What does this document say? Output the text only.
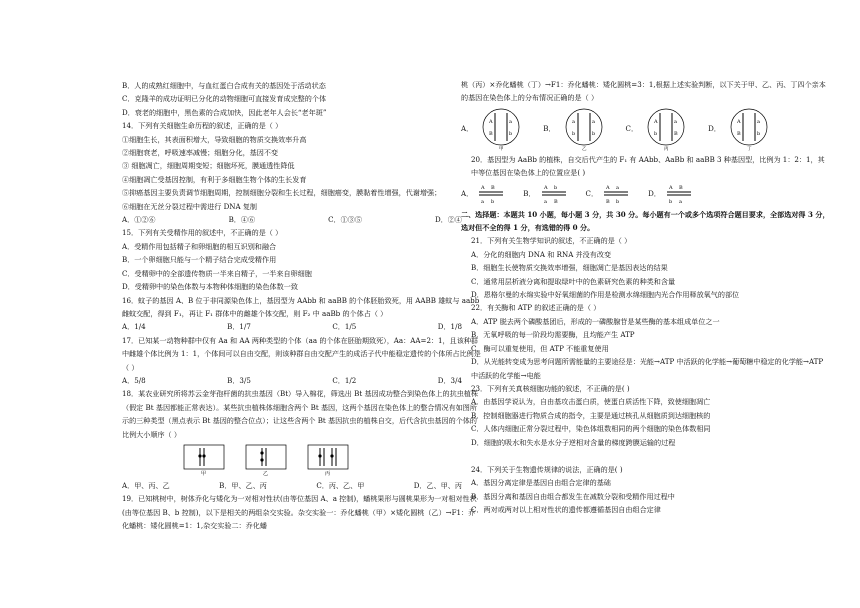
B．人的成熟红细胞中，与血红蛋白合成有关的基因处于活动状态
C．克隆羊的成功证明已分化的动物细胞可直接发育成完整的个体
D．衰老的细胞中，黑色素的合成加快，因此老年人会长“老年斑”
14．下列有关细胞生命历程的叙述，正确的是（ ）
①细胞生长，其表面积增大，导致细胞的物质交换效率升高
②细胞衰老，呼吸速率减慢；细胞分化，基因不变
③ 细胞凋亡，细胞周期变短；细胞坏死，膜通透性降低
④细胞凋亡受基因控制，有利于多细胞生物个体的生长发育
⑤抑癌基因主要负责调节细胞周期，控制细胞分裂和生长过程，细胞癌变，膜黏着性增强，代谢增强；
⑥细胞在无丝分裂过程中需进行 DNA 复制
A．①②⑥	B．④⑥	C．①③⑤	D．②④
15．下列有关受精作用的叙述中，不正确的是（ ）
A．受精作用包括精子和卵细胞的相互识别和融合
B．一个卵细胞只能与一个精子结合完成受精作用
C．受精卵中的全部遗传物质一半来自精子，一半来自卵细胞
D．受精卵中的染色体数与本物种体细胞的染色体数一致
16．蚊子的基因 A、B 位于非同源染色体上，基因型为 AAbb 和 aaBB 的个体胚胎致死，用 AABB 雄蚊与 aabb 雌蚊交配，得到 F₁，再让 F₁ 群体中的雌雄个体交配，则 F₂ 中 aaBb 的个体占（ ）
A．1/4	B．1/7	C．1/5	D．1/8
17．已知某一动物种群中仅有 Aa 和 AA 两种类型的个体（aa 的个体在胚胎期致死），Aa：AA=2：1，且该种群中雌雄个体比例为 1：1，个体间可以自由交配，则该种群自由交配产生的成活子代中能稳定遗传的个体所占比例是（ ）
A．5/8	B．3/5	C．1/2	D．3/4
18．某农业研究所将苏云金芽孢杆菌的抗虫基因（Bt）导入棉花，筛选出 Bt 基因成功整合到染色体上的抗虫植株（假定 Bt 基因都能正常表达）。某些抗虫植株体细胞含两个 Bt 基因，这两个基因在染色体上的整合情况有如图所示的三种类型（黑点表示 Bt 基因的整合位点）；让这些含两个 Bt 基因抗虫的植株自交，后代含抗虫基因的个体的比例大小顺序（ ）
甲	乙	丙
A．甲、丙、乙	B．甲、乙、丙	C．丙、乙、甲	D．乙、甲、丙
19．已知桃树中，树体乔化与矮化为一对相对性状(由等位基因 A、a 控制)，蟠桃果形与圆桃果形为一对相对性状(由等位基因 B、b 控制)，以下是相关的两组杂交实验。杂交实验一：乔化蟠桃（甲）×矮化圆桃（乙）→F1：乔化蟠桃：矮化圆桃=1：1,杂交实验二：乔化蟠
桃（丙）×乔化蟠桃（丁）→F1：乔化蟠桃：矮化圆桃=3：1,根据上述实验判断，以下关于甲、乙、丙、丁四个亲本的基因在染色体上的分布情况正确的是（ ）
A．
A
B
a
b
甲
B．
a
b
a
b
乙
C．
A
b
a
B
丙
D．
A
B
a
b
丁
20．基因型为 AaBb 的植株，自交后代产生的 F₁ 有 AAbb、AaBb 和 aaBB 3 种基因型，比例为 1：2：1，其中等位基因在染色体上的位置应是( )
A．
A B
a b
B．
A b
a B
C．
A a
B b
D．
A B
b a
二、选择题：本题共 10 小题，每小题 3 分，共 30 分。每小题有一个或多个选项符合题目要求，全部选对得 3 分，选对但不全的得 1 分，有选错的得 0 分。
21．下列有关生物学知识的叙述，不正确的是（ ）
A．分化的细胞内 DNA 和 RNA 并没有改变
B．细胞生长使物质交换效率增强，细胞凋亡是基因表达的结果
C．通常用层析液分离和提取绿叶中的色素研究色素的种类和含量
D．恩格尔曼的水绵实验中好氧细菌的作用是检测水绵细胞内光合作用释放氧气的部位
22．有关酶和 ATP 的叙述正确的是（ ）
A．ATP 脱去两个磷酸基团后，形成的一磷酸腺苷是某些酶的基本组成单位之一
B．无氧呼吸的每一阶段均需要酶，且均能产生 ATP
C．酶可以重复使用，但 ATP 不能重复使用
D．从光能转变成为思考问题所需能量的主要途径是：光能→ATP 中活跃的化学能→葡萄糖中稳定的化学能→ATP 中活跃的化学能→电能
23．下列有关真核细胞功能的叙述，不正确的是( )
A．由基因学说认为，自由基攻击蛋白质，使蛋白质活性下降，致使细胞凋亡
B．控制细胞器进行物质合成的指令，主要是通过核孔从细胞质到达细胞核的
C．人体内细胞正常分裂过程中，染色体组数相同的两个细胞的染色体数相同
D．细胞的吸水和失水是水分子逆相对含量的梯度跨膜运输的过程
24．下列关于生物遗传规律的说法，正确的是( )
A．基因分离定律是基因自由组合定律的基础
B．基因分离和基因自由组合都发生在减数分裂和受精作用过程中
C．两对或两对以上相对性状的遗传都遵循基因自由组合定律
